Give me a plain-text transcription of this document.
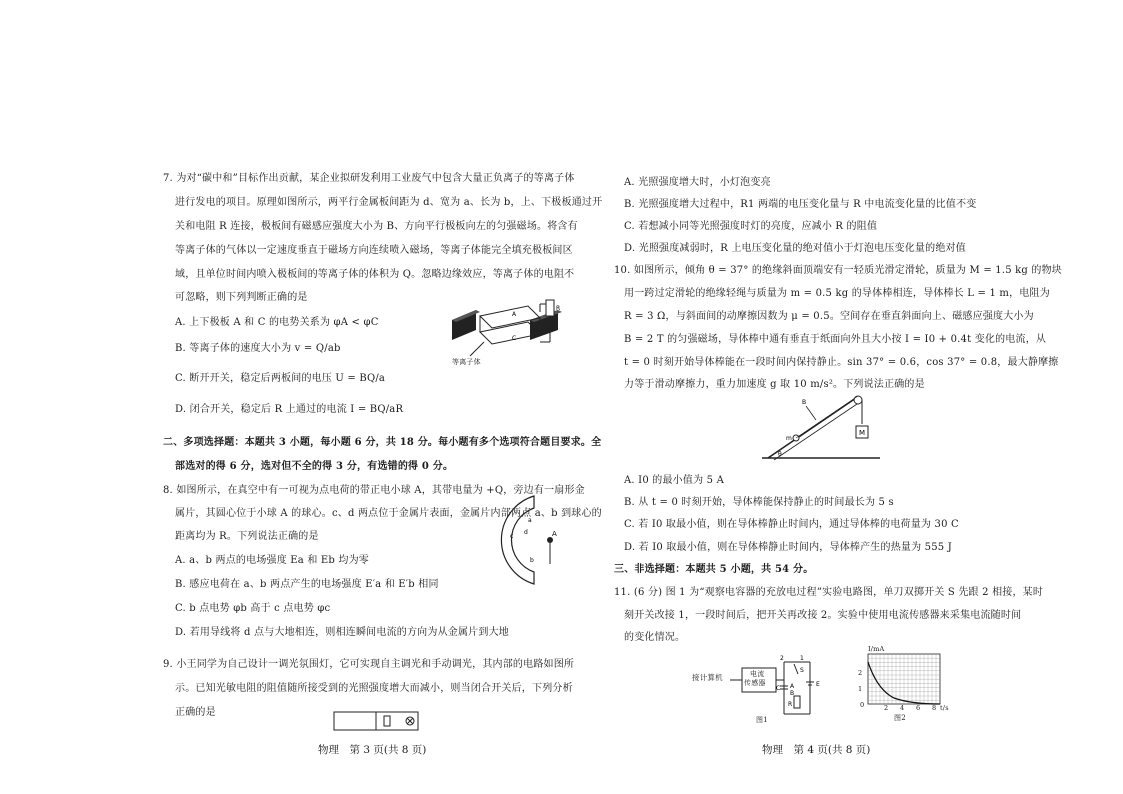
7. 为对“碳中和”目标作出贡献，某企业拟研发利用工业废气中包含大量正负离子的等离子体
进行发电的项目。原理如图所示，两平行金属板间距为 d、宽为 a、长为 b，上、下极板通过开
关和电阻 R 连接，极板间有磁感应强度大小为 B、方向平行极板向左的匀强磁场。将含有
等离子体的气体以一定速度垂直于磁场方向连续喷入磁场，等离子体能完全填充极板间区
域，且单位时间内喷入极板间的等离子体的体积为 Q。忽略边缘效应，等离子体的电阻不
可忽略，则下列判断正确的是
A. 上下极板 A 和 C 的电势关系为 φA < φC
B. 等离子体的速度大小为 v = Q/ab
C. 断开开关，稳定后两板间的电压 U = BQ/a
D. 闭合开关，稳定后 R 上通过的电流 I = BQ/aR
A
C
R
等离子体
二、多项选择题：本题共 3 小题，每小题 6 分，共 18 分。每小题有多个选项符合题目要求。全
部选对的得 6 分，选对但不全的得 3 分，有选错的得 0 分。
8. 如图所示，在真空中有一可视为点电荷的带正电小球 A，其带电量为 +Q，旁边有一扇形金
属片，其圆心位于小球 A 的球心。c、d 两点位于金属片表面，金属片内部两点 a、b 到球心的
距离均为 R。下列说法正确的是
A. a、b 两点的电场强度 Ea 和 Eb 均为零
B. 感应电荷在 a、b 两点产生的电场强度 E′a 和 E′b 相同
C. b 点电势 φb 高于 c 点电势 φc
D. 若用导线将 d 点与大地相连，则相连瞬间电流的方向为从金属片到大地
A
c
d
a
b
9. 小王同学为自己设计一调光氛围灯，它可实现自主调光和手动调光，其内部的电路如图所
示。已知光敏电阻的阻值随所接受到的光照强度增大而减小，则当闭合开关后，下列分析
正确的是
物理　第 3 页(共 8 页)
A. 光照强度增大时，小灯泡变亮
B. 光照强度增大过程中，R1 两端的电压变化量与 R 中电流变化量的比值不变
C. 若想减小同等光照强度时灯的亮度，应减小 R 的阻值
D. 光照强度减弱时，R 上电压变化量的绝对值小于灯泡电压变化量的绝对值
10. 如图所示，倾角 θ = 37° 的绝缘斜面顶端安有一轻质光滑定滑轮，质量为 M = 1.5 kg 的物块
用一跨过定滑轮的绝缘轻绳与质量为 m = 0.5 kg 的导体棒相连，导体棒长 L = 1 m，电阻为
R = 3 Ω，与斜面间的动摩擦因数为 μ = 0.5。空间存在垂直斜面向上、磁感应强度大小为
B = 2 T 的匀强磁场，导体棒中通有垂直于纸面向外且大小按 I = I0 + 0.4t 变化的电流，从
t = 0 时刻开始导体棒能在一段时间内保持静止。sin 37° = 0.6，cos 37° = 0.8，最大静摩擦
力等于滑动摩擦力，重力加速度 g 取 10 m/s²。下列说法正确的是
M
B
m
θ
A. I0 的最小值为 5 A
B. 从 t = 0 时刻开始，导体棒能保持静止的时间最长为 5 s
C. 若 I0 取最小值，则在导体棒静止时间内，通过导体棒的电荷量为 30 C
D. 若 I0 取最小值，则在导体棒静止时间内，导体棒产生的热量为 555 J
三、非选择题：本题共 5 小题，共 54 分。
11. (6 分) 图 1 为“观察电容器的充放电过程”实验电路图，单刀双掷开关 S 先跟 2 相接，某时
刻开关改接 1，一段时间后，把开关再改接 2。实验中使用电流传感器来采集电流随时间
的变化情况。
2	1
S
A
B
C
R
E
接计算机	电流
传感器
图1
I/mA
2
1
0	2 4 6 8 t/s
图2
物理　第 4 页(共 8 页)
